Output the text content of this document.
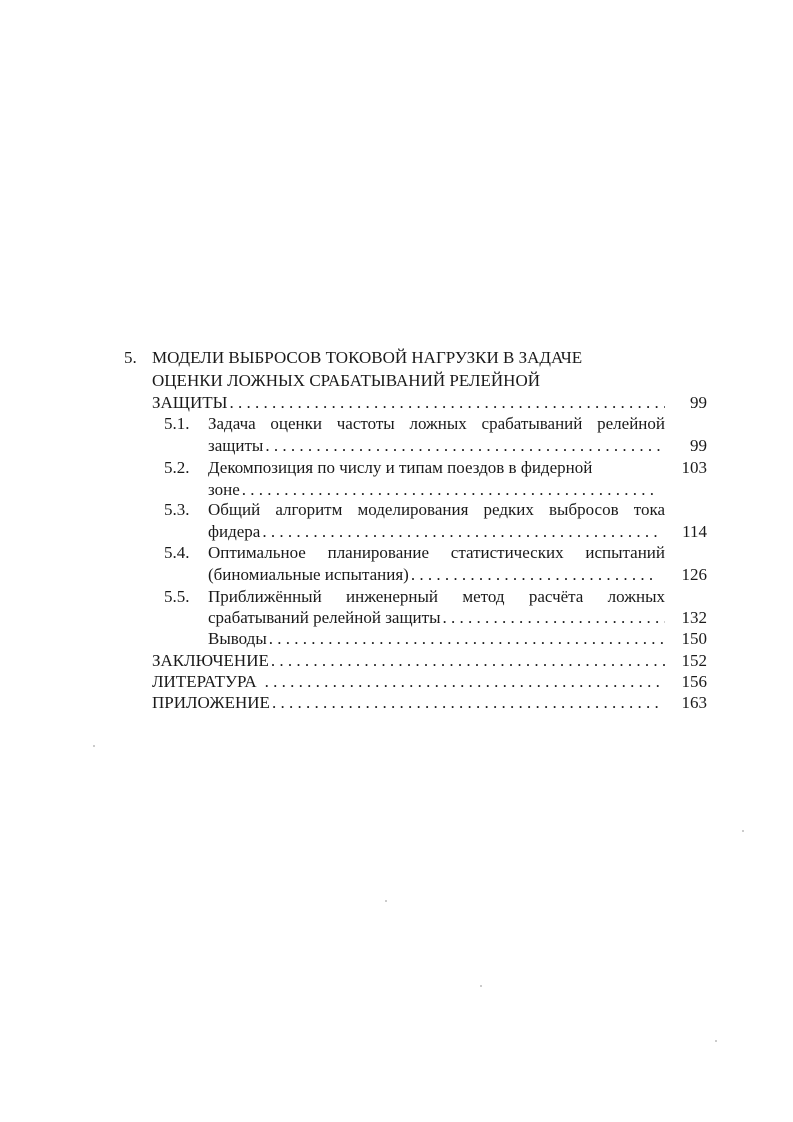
5. МОДЕЛИ ВЫБРОСОВ ТОКОВОЙ НАГРУЗКИ В ЗАДАЧЕ
ОЦЕНКИ ЛОЖНЫХ СРАБАТЫВАНИЙ РЕЛЕЙНОЙ
ЗАЩИТЫ . . .	99
5.1. Задача оценки частоты ложных срабатываний релейной
защиты . . .	99
5.2. Декомпозиция по числу и типам поездов в фидерной	103
зоне
. . .
5.3. Общий алгоритм моделирования редких выбросов тока
фидера . . .	114
5.4. Оптимальное планирование статистических испытаний
(биномиальные испытания) . . .	126
5.5. Приближённый инженерный метод расчёта ложных
срабатываний релейной защиты . . .	132
Выводы . . .	150
ЗАКЛЮЧЕНИЕ . . .	152
ЛИТЕРАТУРА . . .	156
ПРИЛОЖЕНИЕ . . .	163
